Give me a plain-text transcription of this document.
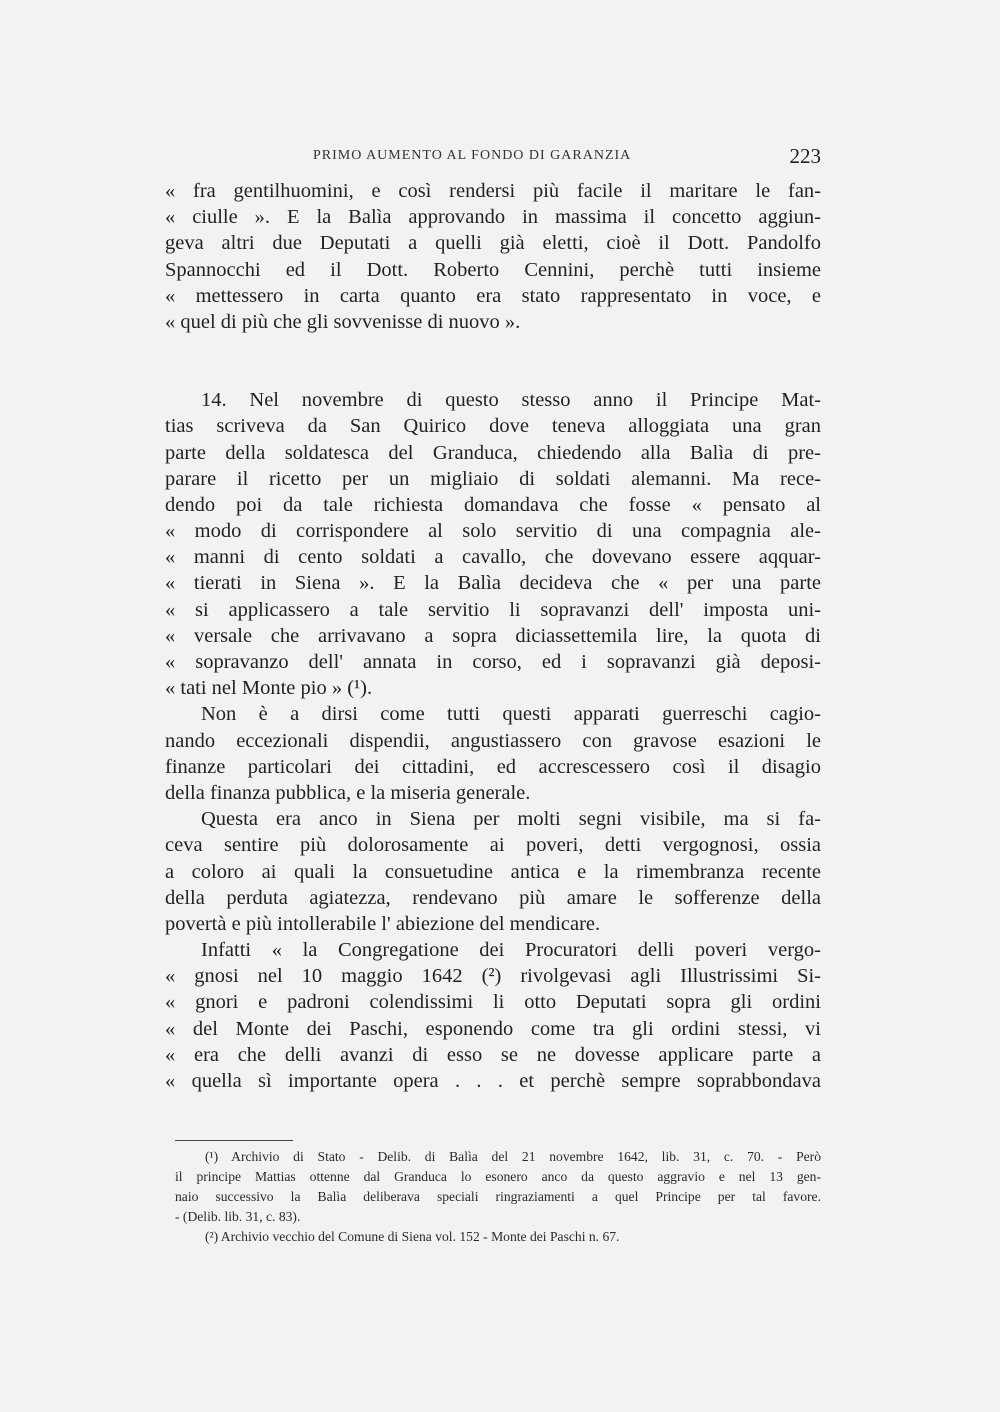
PRIMO AUMENTO AL FONDO DI GARANZIA	223
« fra gentilhuomini, e così rendersi più facile il maritare le fan-
« ciulle ». E la Balìa approvando in massima il concetto aggiun-
geva altri due Deputati a quelli già eletti, cioè il Dott. Pandolfo
Spannocchi ed il Dott. Roberto Cennini, perchè tutti insieme
« mettessero in carta quanto era stato rappresentato in voce, e
« quel di più che gli sovvenisse di nuovo ».
14. Nel novembre di questo stesso anno il Principe Mat-
tias scriveva da San Quirico dove teneva alloggiata una gran
parte della soldatesca del Granduca, chiedendo alla Balìa di pre-
parare il ricetto per un migliaio di soldati alemanni. Ma rece-
dendo poi da tale richiesta domandava che fosse « pensato al
« modo di corrispondere al solo servitio di una compagnia ale-
« manni di cento soldati a cavallo, che dovevano essere aqquar-
« tierati in Siena ». E la Balìa decideva che « per una parte
« si applicassero a tale servitio li sopravanzi dell' imposta uni-
« versale che arrivavano a sopra diciassettemila lire, la quota di
« sopravanzo dell' annata in corso, ed i sopravanzi già deposi-
« tati nel Monte pio » (¹).
Non è a dirsi come tutti questi apparati guerreschi cagio-
nando eccezionali dispendii, angustiassero con gravose esazioni le
finanze particolari dei cittadini, ed accrescessero così il disagio
della finanza pubblica, e la miseria generale.
Questa era anco in Siena per molti segni visibile, ma si fa-
ceva sentire più dolorosamente ai poveri, detti vergognosi, ossia
a coloro ai quali la consuetudine antica e la rimembranza recente
della perduta agiatezza, rendevano più amare le sofferenze della
povertà e più intollerabile l' abiezione del mendicare.
Infatti « la Congregatione dei Procuratori delli poveri vergo-
« gnosi nel 10 maggio 1642 (²) rivolgevasi agli Illustrissimi Si-
« gnori e padroni colendissimi li otto Deputati sopra gli ordini
« del Monte dei Paschi, esponendo come tra gli ordini stessi, vi
« era che delli avanzi di esso se ne dovesse applicare parte a
« quella sì importante opera . . . et perchè sempre soprabbondava
(¹) Archivio di Stato - Delib. di Balìa del 21 novembre 1642, lib. 31, c. 70. - Però
il principe Mattias ottenne dal Granduca lo esonero anco da questo aggravio e nel 13 gen-
naio successivo la Balìa deliberava speciali ringraziamenti a quel Principe per tal favore.
- (Delib. lib. 31, c. 83).
(²) Archivio vecchio del Comune di Siena vol. 152 - Monte dei Paschi n. 67.
